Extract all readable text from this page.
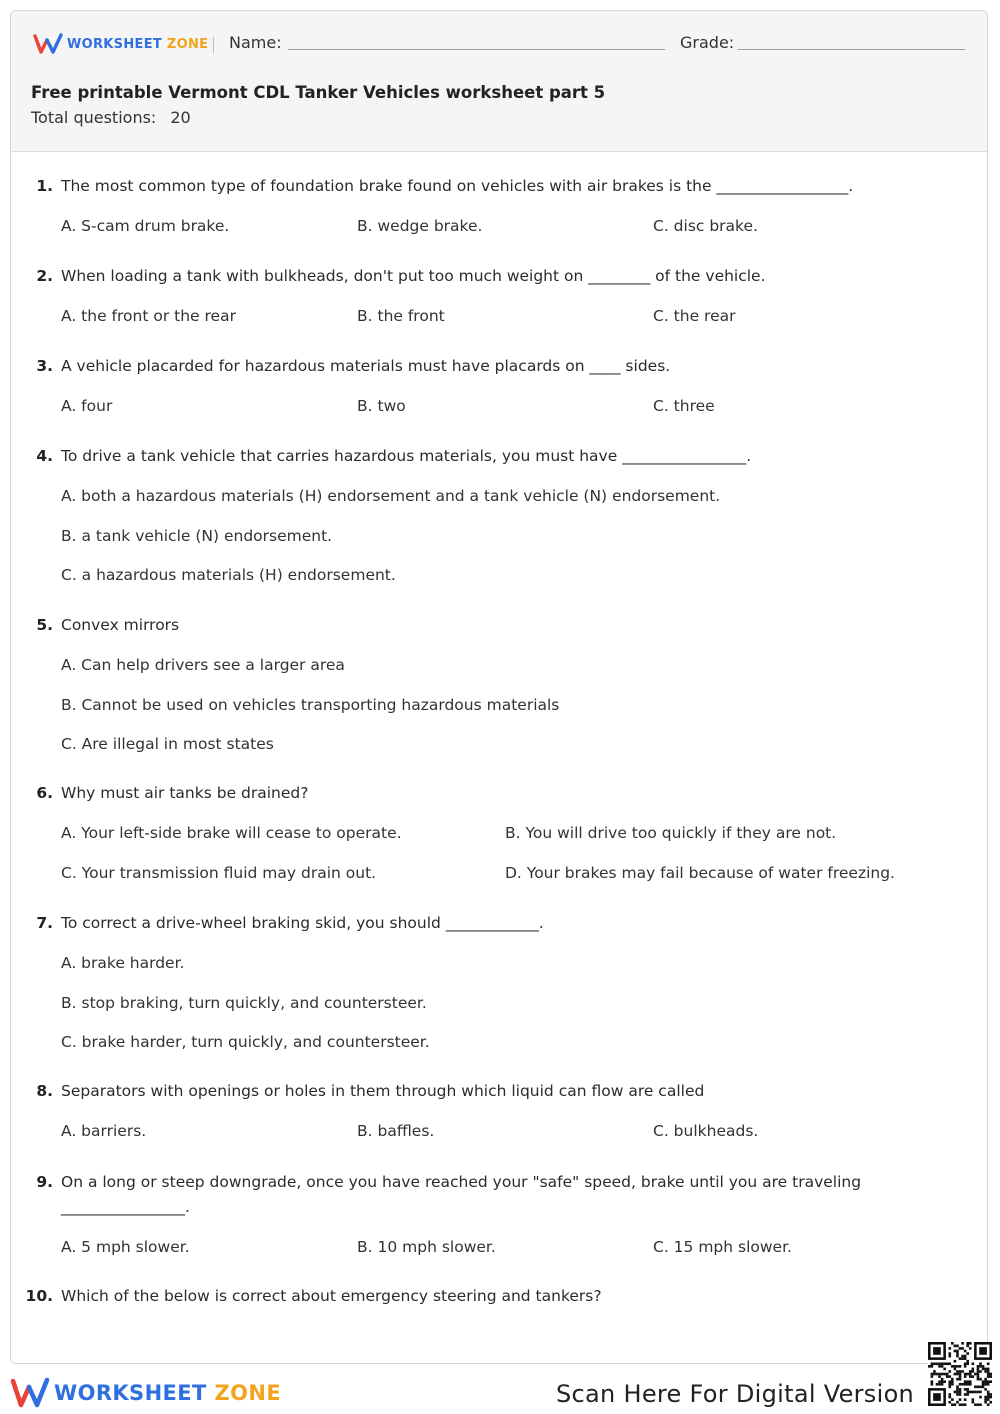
WORKSHEET ZONE Name:	Grade:
Free printable Vermont CDL Tanker Vehicles worksheet part 5
Total questions: 20
1. The most common type of foundation brake found on vehicles with air brakes is the _________________.
A. S-cam drum brake.	B. wedge brake.	C. disc brake.
2. When loading a tank with bulkheads, don't put too much weight on ________ of the vehicle.
A. the front or the rear	B. the front	C. the rear
3. A vehicle placarded for hazardous materials must have placards on ____ sides.
A. four	B. two	C. three
4. To drive a tank vehicle that carries hazardous materials, you must have ________________.
A. both a hazardous materials (H) endorsement and a tank vehicle (N) endorsement.
B. a tank vehicle (N) endorsement.
C. a hazardous materials (H) endorsement.
5. Convex mirrors
A. Can help drivers see a larger area
B. Cannot be used on vehicles transporting hazardous materials
C. Are illegal in most states
6. Why must air tanks be drained?
A. Your left-side brake will cease to operate.	B. You will drive too quickly if they are not.
C. Your transmission fluid may drain out.	D. Your brakes may fail because of water freezing.
7. To correct a drive-wheel braking skid, you should ____________.
A. brake harder.
B. stop braking, turn quickly, and countersteer.
C. brake harder, turn quickly, and countersteer.
8. Separators with openings or holes in them through which liquid can flow are called
A. barriers.	B. baffles.	C. bulkheads.
9. On a long or steep downgrade, once you have reached your "safe" speed, brake until you are traveling ________________.
A. 5 mph slower.	B. 10 mph slower.	C. 15 mph slower.
10. Which of the below is correct about emergency steering and tankers?
WORKSHEET ZONE	Scan Here For Digital Version
